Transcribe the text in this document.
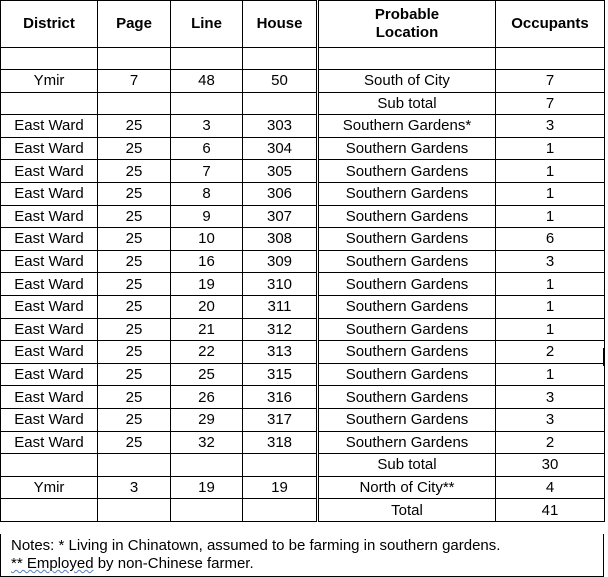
District	Page	Line	House	Probable Location	Occupants

Ymir	7	48	50	South of City	7
				Sub total	7
East Ward	25	3	303	Southern Gardens*	3
East Ward	25	6	304	Southern Gardens	1
East Ward	25	7	305	Southern Gardens	1
East Ward	25	8	306	Southern Gardens	1
East Ward	25	9	307	Southern Gardens	1
East Ward	25	10	308	Southern Gardens	6
East Ward	25	16	309	Southern Gardens	3
East Ward	25	19	310	Southern Gardens	1
East Ward	25	20	311	Southern Gardens	1
East Ward	25	21	312	Southern Gardens	1
East Ward	25	22	313	Southern Gardens	2
East Ward	25	25	315	Southern Gardens	1
East Ward	25	26	316	Southern Gardens	3
East Ward	25	29	317	Southern Gardens	3
East Ward	25	32	318	Southern Gardens	2
				Sub total	30
Ymir	3	19	19	North of City**	4
				Total	41
Notes: * Living in Chinatown, assumed to be farming in southern gardens.
** Employed by non-Chinese farmer.
